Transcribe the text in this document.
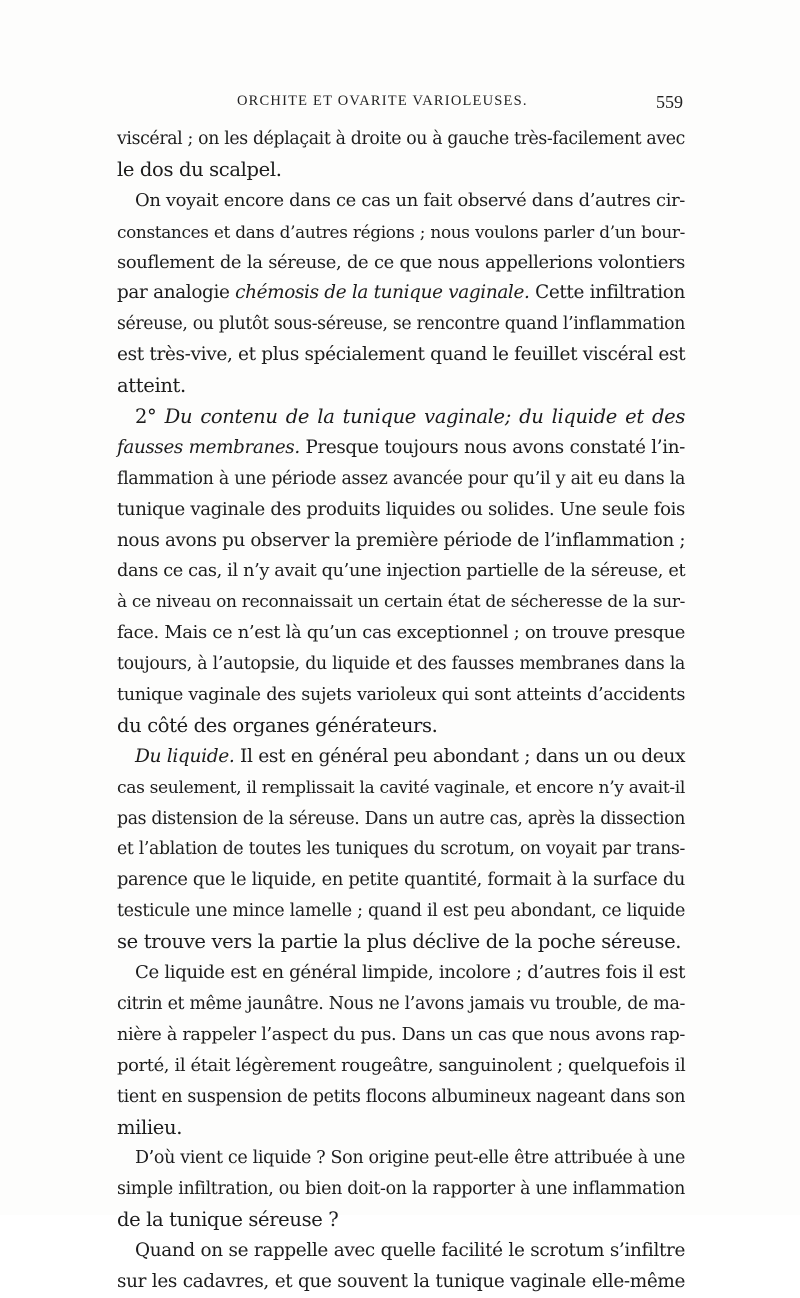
ORCHITE ET OVARITE VARIOLEUSES.	559
viscéral ; on les déplaçait à droite ou à gauche très-facilement avec
le dos du scalpel.
On voyait encore dans ce cas un fait observé dans d’autres cir-
constances et dans d’autres régions ; nous voulons parler d’un bour-
souflement de la séreuse, de ce que nous appellerions volontiers
par analogie chémosis de la tunique vaginale. Cette infiltration
séreuse, ou plutôt sous-séreuse, se rencontre quand l’inflammation
est très-vive, et plus spécialement quand le feuillet viscéral est
atteint.
2° Du contenu de la tunique vaginale; du liquide et des
fausses membranes. Presque toujours nous avons constaté l’in-
flammation à une période assez avancée pour qu’il y ait eu dans la
tunique vaginale des produits liquides ou solides. Une seule fois
nous avons pu observer la première période de l’inflammation ;
dans ce cas, il n’y avait qu’une injection partielle de la séreuse, et
à ce niveau on reconnaissait un certain état de sécheresse de la sur-
face. Mais ce n’est là qu’un cas exceptionnel ; on trouve presque
toujours, à l’autopsie, du liquide et des fausses membranes dans la
tunique vaginale des sujets varioleux qui sont atteints d’accidents
du côté des organes générateurs.
Du liquide. Il est en général peu abondant ; dans un ou deux
cas seulement, il remplissait la cavité vaginale, et encore n’y avait-il
pas distension de la séreuse. Dans un autre cas, après la dissection
et l’ablation de toutes les tuniques du scrotum, on voyait par trans-
parence que le liquide, en petite quantité, formait à la surface du
testicule une mince lamelle ; quand il est peu abondant, ce liquide
se trouve vers la partie la plus déclive de la poche séreuse.
Ce liquide est en général limpide, incolore ; d’autres fois il est
citrin et même jaunâtre. Nous ne l’avons jamais vu trouble, de ma-
nière à rappeler l’aspect du pus. Dans un cas que nous avons rap-
porté, il était légèrement rougeâtre, sanguinolent ; quelquefois il
tient en suspension de petits flocons albumineux nageant dans son
milieu.
D’où vient ce liquide ? Son origine peut-elle être attribuée à une
simple infiltration, ou bien doit-on la rapporter à une inflammation
de la tunique séreuse ?
Quand on se rappelle avec quelle facilité le scrotum s’infiltre
sur les cadavres, et que souvent la tunique vaginale elle-même
